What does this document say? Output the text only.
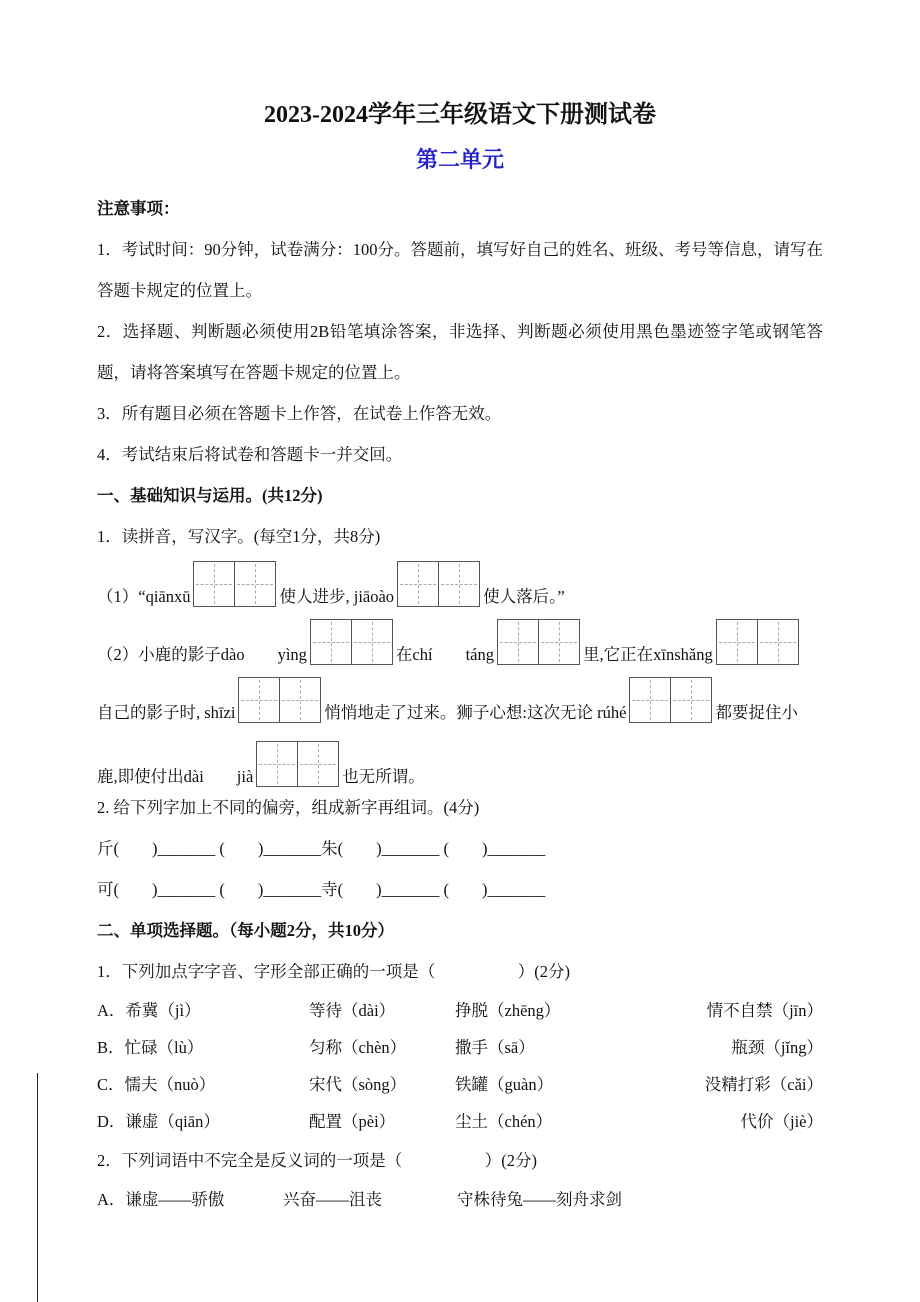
2023-2024学年三年级语文下册测试卷
第二单元

注意事项：

1．考试时间：90分钟，试卷满分：100分。答题前，填写好自己的姓名、班级、考号等信息，请写在答题卡规定的位置上。

2．选择题、判断题必须使用2B铅笔填涂答案，非选择、判断题必须使用黑色墨迹签字笔或钢笔答题，请将答案填写在答题卡规定的位置上。

3．所有题目必须在答题卡上作答，在试卷上作答无效。

4．考试结束后将试卷和答题卡一并交回。

一、基础知识与运用。(共12分)

1．读拼音，写汉字。(每空1分，共8分)

（1）“qiānxū	使人进步, jiāoào	使人落后。”
（2）小鹿的影子dào　　yìng	在chí　　táng	里,它正在xīnshǎng
自己的影子时, shīzi	悄悄地走了过来。狮子心想:这次无论 rúhé	都要捉住小
鹿,即使付出dài　　jià	也无所谓。

2. 给下列字加上不同的偏旁，组成新字再组词。(4分)

斤(　　)_______ (　　)_______朱(　　)_______ (　　)_______

可(　　)_______ (　　)_______寺(　　)_______ (　　)_______

二、单项选择题。（每小题2分，共10分）

1．下列加点字字音、字形全部正确的一项是（　　　　　）(2分)

A．希冀（jì）	等待（dài）	挣脱（zhēng）	情不自禁（jīn）
B．忙碌（lù）	匀称（chèn）	撒手（sā）	瓶颈（jǐng）
C．懦夫（nuò）	宋代（sòng）	铁罐（guàn）	没精打彩（cǎi）
D．谦虚（qiān）	配置（pèi）	尘土（chén）	代价（jiè）

2．下列词语中不完全是反义词的一项是（　　　　　）(2分)

A．谦虚——骄傲	兴奋——沮丧	守株待兔——刻舟求剑
